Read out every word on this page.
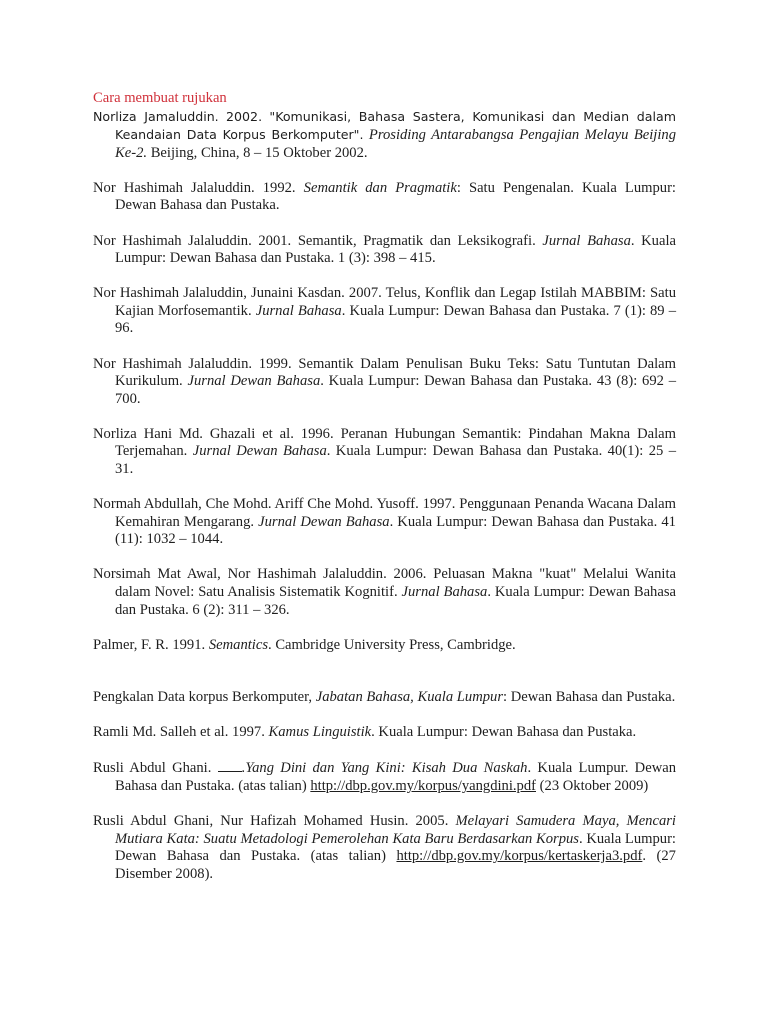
Cara membuat rujukan

Norliza Jamaluddin. 2002. "Komunikasi, Bahasa Sastera, Komunikasi dan Median dalam Keandaian Data Korpus Berkomputer". Prosiding Antarabangsa Pengajian Melayu Beijing Ke-2. Beijing, China, 8 – 15 Oktober 2002.

Nor Hashimah Jalaluddin. 1992. Semantik dan Pragmatik: Satu Pengenalan. Kuala Lumpur: Dewan Bahasa dan Pustaka.

Nor Hashimah Jalaluddin. 2001. Semantik, Pragmatik dan Leksikografi. Jurnal Bahasa. Kuala Lumpur: Dewan Bahasa dan Pustaka. 1 (3): 398 – 415.

Nor Hashimah Jalaluddin, Junaini Kasdan. 2007. Telus, Konflik dan Legap Istilah MABBIM: Satu Kajian Morfosemantik. Jurnal Bahasa. Kuala Lumpur: Dewan Bahasa dan Pustaka. 7 (1): 89 – 96.

Nor Hashimah Jalaluddin. 1999. Semantik Dalam Penulisan Buku Teks: Satu Tuntutan Dalam Kurikulum. Jurnal Dewan Bahasa. Kuala Lumpur: Dewan Bahasa dan Pustaka. 43 (8): 692 – 700.

Norliza Hani Md. Ghazali et al. 1996. Peranan Hubungan Semantik: Pindahan Makna Dalam Terjemahan. Jurnal Dewan Bahasa. Kuala Lumpur: Dewan Bahasa dan Pustaka. 40(1): 25 – 31.

Normah Abdullah, Che Mohd. Ariff Che Mohd. Yusoff. 1997. Penggunaan Penanda Wacana Dalam Kemahiran Mengarang. Jurnal Dewan Bahasa. Kuala Lumpur: Dewan Bahasa dan Pustaka. 41 (11): 1032 – 1044.

Norsimah Mat Awal, Nor Hashimah Jalaluddin. 2006. Peluasan Makna "kuat" Melalui Wanita dalam Novel: Satu Analisis Sistematik Kognitif. Jurnal Bahasa. Kuala Lumpur: Dewan Bahasa dan Pustaka. 6 (2): 311 – 326.

Palmer, F. R. 1991. Semantics. Cambridge University Press, Cambridge.

Pengkalan Data korpus Berkomputer, Jabatan Bahasa, Kuala Lumpur: Dewan Bahasa dan Pustaka.

Ramli Md. Salleh et al. 1997. Kamus Linguistik. Kuala Lumpur: Dewan Bahasa dan Pustaka.

Rusli Abdul Ghani. .Yang Dini dan Yang Kini: Kisah Dua Naskah. Kuala Lumpur. Dewan Bahasa dan Pustaka. (atas talian) http://dbp.gov.my/korpus/yangdini.pdf (23 Oktober 2009)

Rusli Abdul Ghani, Nur Hafizah Mohamed Husin. 2005. Melayari Samudera Maya, Mencari Mutiara Kata: Suatu Metadologi Pemerolehan Kata Baru Berdasarkan Korpus. Kuala Lumpur: Dewan Bahasa dan Pustaka. (atas talian) http://dbp.gov.my/korpus/kertaskerja3.pdf. (27 Disember 2008).
